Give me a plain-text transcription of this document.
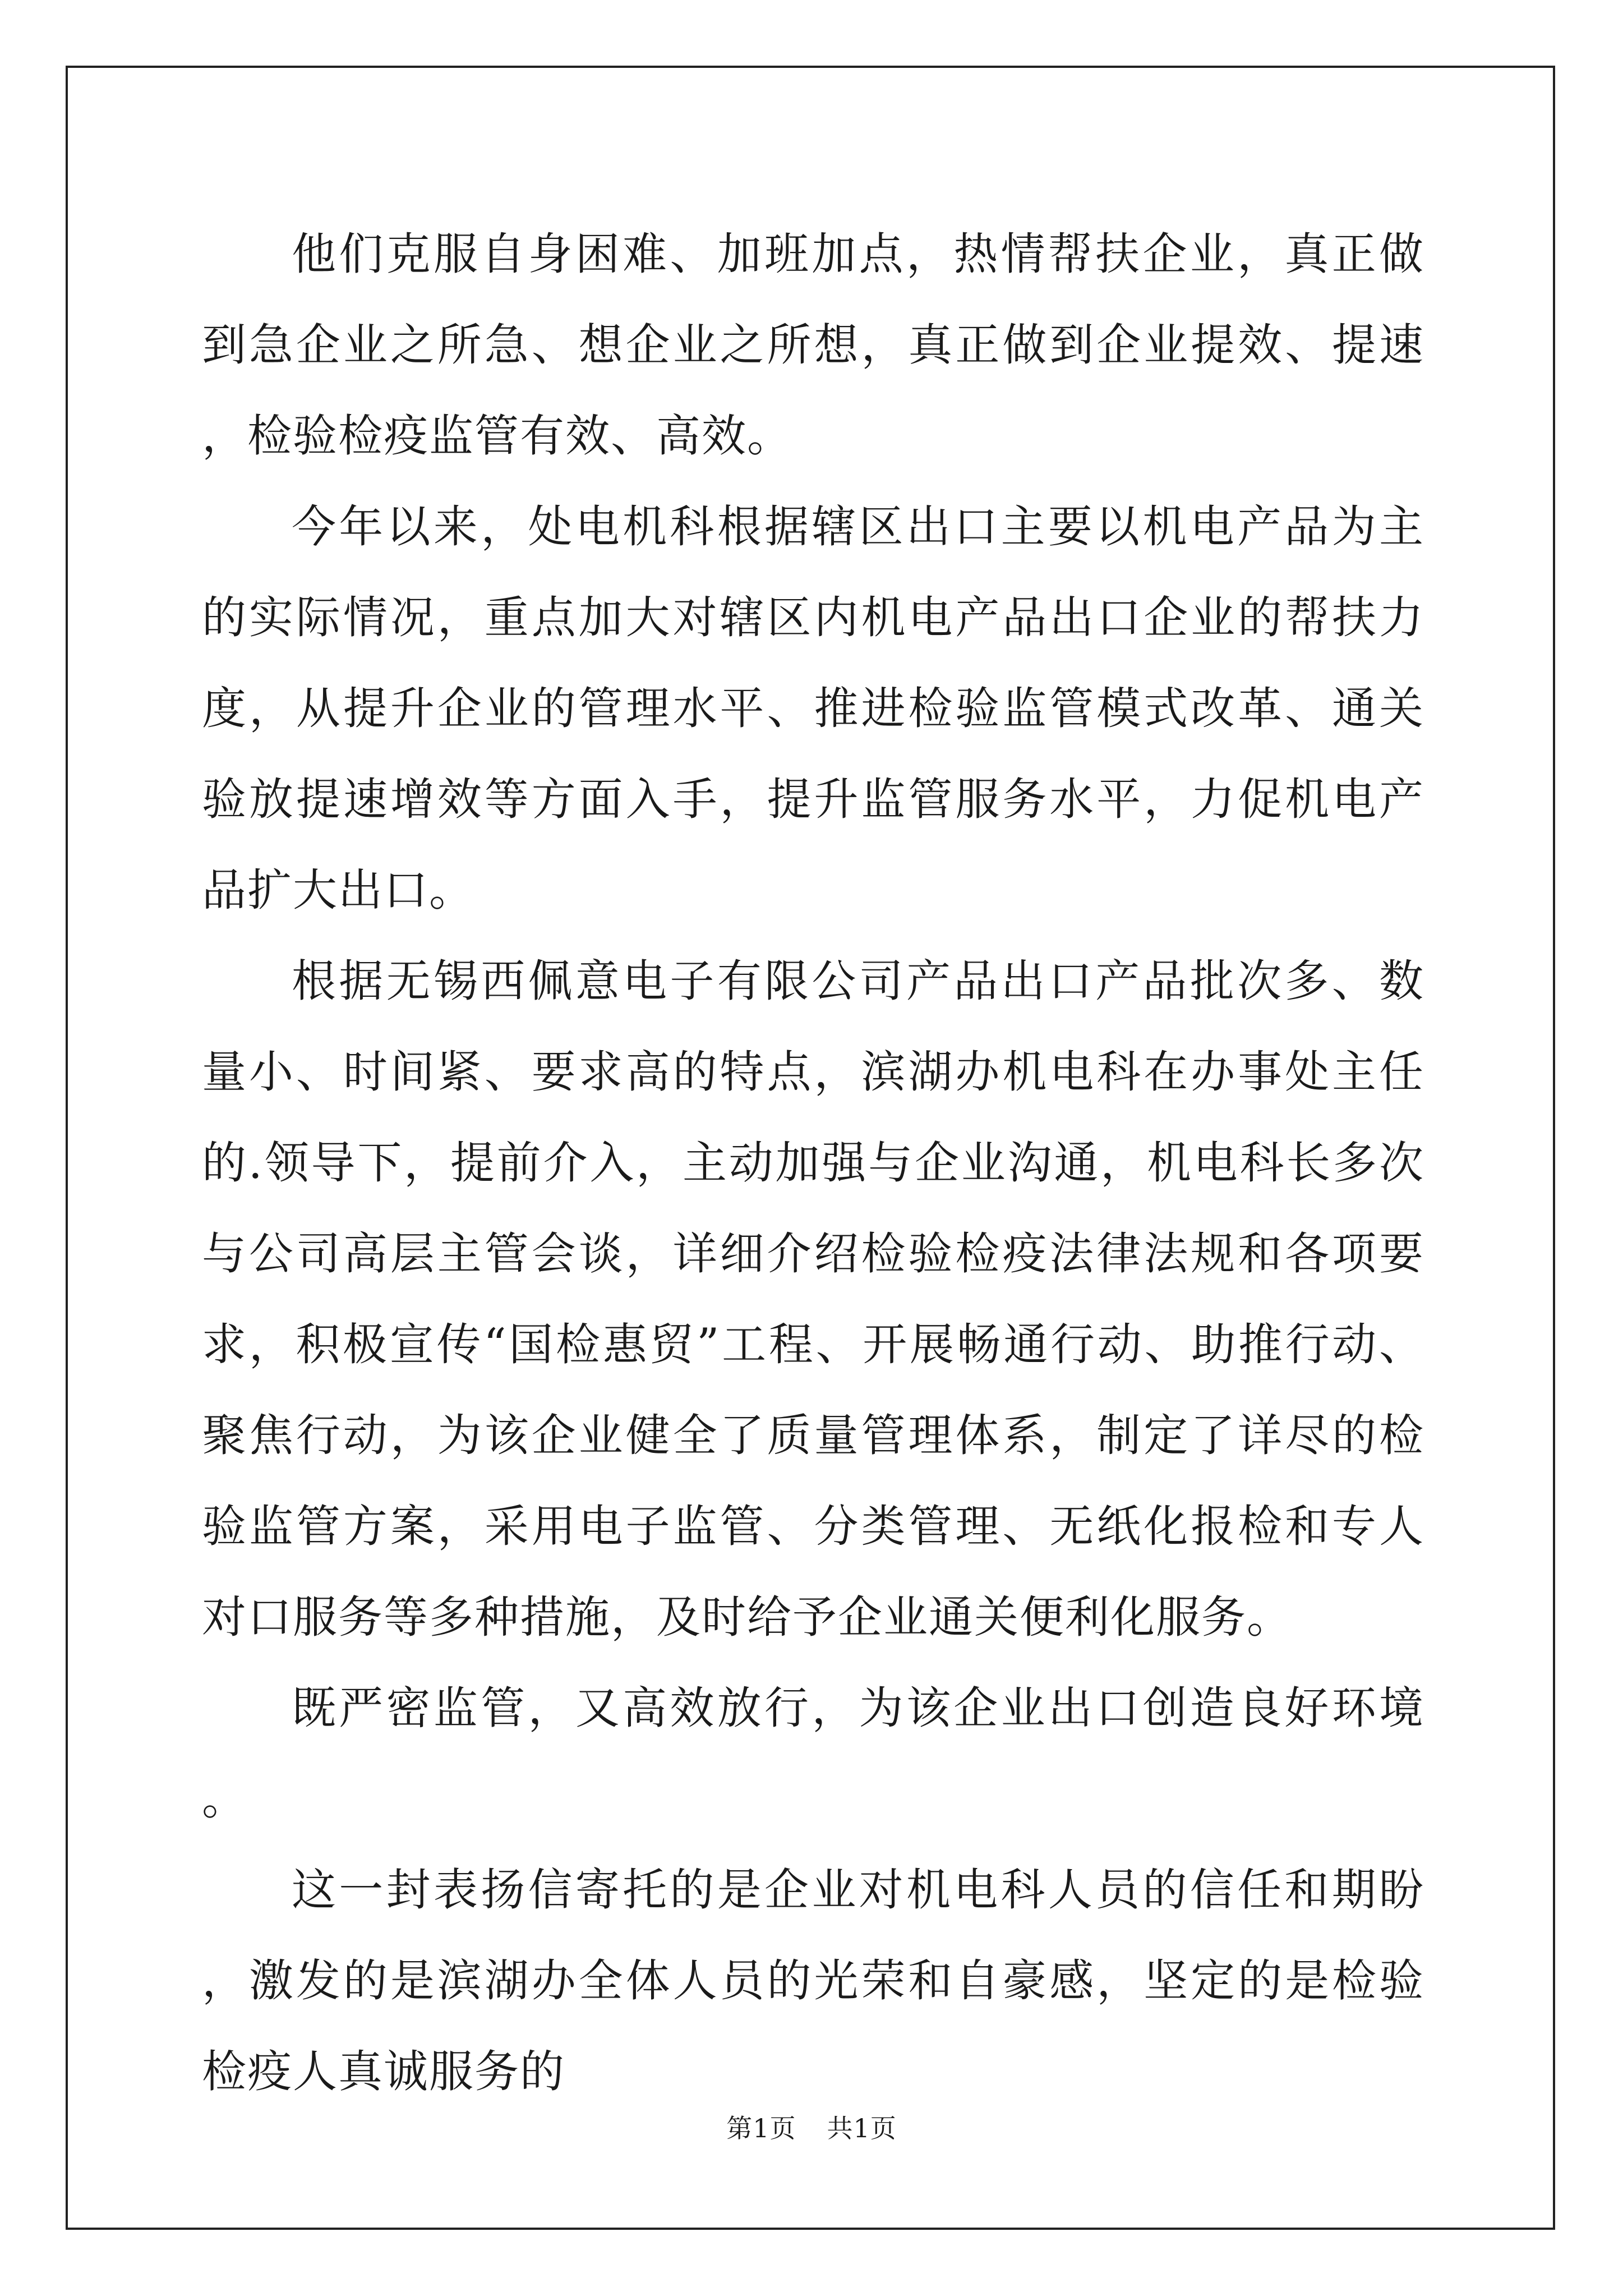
他们克服自身困难、加班加点，热情帮扶企业，真正做到急企业之所急、想企业之所想，真正做到企业提效、提速，检验检疫监管有效、高效。

今年以来，处电机科根据辖区出口主要以机电产品为主的实际情况，重点加大对辖区内机电产品出口企业的帮扶力度，从提升企业的管理水平、推进检验监管模式改革、通关验放提速增效等方面入手，提升监管服务水平，力促机电产品扩大出口。

根据无锡西佩意电子有限公司产品出口产品批次多、数量小、时间紧、要求高的特点，滨湖办机电科在办事处主任的.领导下，提前介入，主动加强与企业沟通，机电科长多次与公司高层主管会谈，详细介绍检验检疫法律法规和各项要求，积极宣传“国检惠贸”工程、开展畅通行动、助推行动、聚焦行动，为该企业健全了质量管理体系，制定了详尽的检验监管方案，采用电子监管、分类管理、无纸化报检和专人对口服务等多种措施，及时给予企业通关便利化服务。

既严密监管，又高效放行，为该企业出口创造良好环境。

这一封表扬信寄托的是企业对机电科人员的信任和期盼，激发的是滨湖办全体人员的光荣和自豪感，坚定的是检验检疫人真诚服务的

第1页 共1页
